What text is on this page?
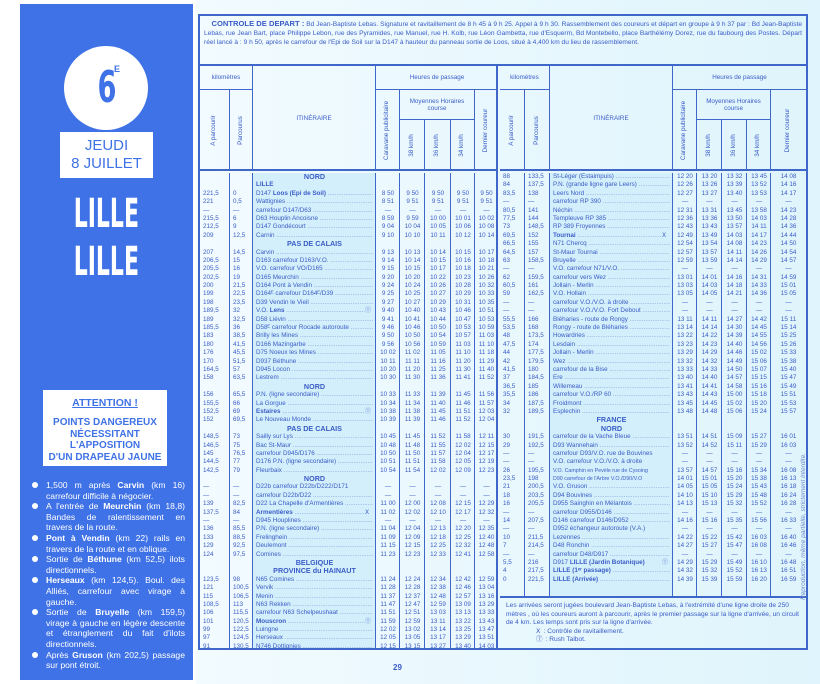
6 E
JEUDI
8 JUILLET
LILLE
LILLE
ATTENTION !
POINTS DANGEREUX
NÉCESSITANT
L'APPOSITION
D'UN DRAPEAU JAUNE
1,500 m après Carvin (km 16) carrefour difficile à négocier.
A l'entrée de Meurchin (km 18,8) Bandes de ralentissement en travers de la route.
Pont à Vendin (km 22) rails en travers de la route et en oblique.
Sortie de Béthune (km 52,5) ilots directionnels.
Herseaux (km 124,5). Boul. des Alliés, carrefour avec virage à gauche.
Sortie de Bruyelle (km 159,5) virage à gauche en légère descente et étranglement du fait d'ilots directionnels.
Après Gruson (km 202,5) passage sur pont étroit.
CONTROLE DE DEPART : Bd Jean-Baptiste Lebas. Signature et ravitaillement de 8 h 45 à 9 h 25. Appel à 9 h 30. Rassemblement des coureurs et départ en groupe à 9 h 37 par : Bd Jean-Baptiste Lebas, rue Jean Bart, place Philippe Lebon, rue des Pyramides, rue Manuel, rue H. Kolb, rue Léon Gambetta, rue d'Esquerm, Bd Montebello, place Barthélémy Dorez, rue du faubourg des Postes. Départ réel lancé à : 9 h 50, après le carrefour de l'Epi de Soil sur la D147 à hauteur du panneau sortie de Loos, situé à 4,400 km du lieu de rassemblement.
kilomètres
A parcourir	Parcourus	ITINÉRAIRE
Heures de passage
Caravane publicitaire	Moyennes Horaires course
38 km/h	36 km/h	34 km/h	Dernier coureur
NORD
LILLE
221,5 0	D147 Loos (Epi de Soil) .....	8 50	9 50	9 50	9 50	9 50
221	0,5 Wattignies .....	8 51	9 51	9 51	9 51	9 51
—	—	carrefour D147/D63 .....	—	—	—	—	—
215,5 6	D63 Houplin Ancoisne .....	8 59	9 59	10 00	10 01	10 02
212,5 9	D147 Gondécourt .....	9 04	10 04	10 05	10 06	10 08
209	12,5 Carnin .....	9 10	10 10	10 11	10 12	10 14
PAS DE CALAIS
207	14,5 Carvin .....	9 13	10 13	10 14	10 15	10 17
206,5 15	D163 carrefour D163/V.O. .....	9 14	10 14	10 15	10 16	10 18
205,5 16	V.O. carrefour VO/D165 .....	9 15	10 15	10 17	10 18	10 21
202,5 19	D165 Meurchin .....	9 20	10 20	10 22	10 23	10 26
200	21,5 D164 Pont à Vendin .....	9 24	10 24	10 26	10 28	10 32
199	22,5 D164ᴱ carrefour D164ᴱ/D39 .....	9 25	10 25	10 27	10 29	10 33
198	23,5 D39 Vendin le Vieil .....	9 27	10 27	10 29	10 31	10 35
189,5 32	V.O. Lens .....	Ⓣ	9 40	10 40	10 43	10 46	10 51
189	32,5 D58 Liévin .....	9 41	10 41	10 44	10 47	10 53
185,5 36	D58ᴱ carrefour Rocade autoroute .....	9 46	10 46	10 50	10 53	10 59
183	38,5 Brilly les Mines .....	9 50	10 50	10 54	10 57	11 03
180	41,5 D166 Mazingarbe .....	9 56	10 56	10 59	11 03	11 10
176	45,5 D75 Noeux les Mines .....	10 02	11 02	11 05	11 10	11 18
170	51,5 D937 Béthune .....	10 11	11 11	11 16	11 20	11 29
164,5 57	D945 Locon .....	10 20	11 20	11 25	11 30	11 40
158	63,5 Lestrem .....	10 30	11 30	11 36	11 41	11 52
NORD
156	65,5 P.N. (ligne secondaire) .....	10 33	11 33	11 39	11 45	11 56
155,5 66	La Gorgue .....	10 34	11 34	11 40	11 46	11 57
152,5 69	Estaires .....	Ⓣ	10 38	11 38	11 45	11 51	12 03
152	69,5 Le Nouveau Monde .....	10 39	11 39	11 46	11 52	12 04
PAS DE CALAIS
148,5 73	Sailly sur Lys .....	10 45	11 45	11 52	11 58	12 11
146,5 75	Bac St-Maur .....	10 48	11 48	11 55	12 02	12 15
145	76,5 carrefour D945/D176 .....	10 50	11 50	11 57	12 04	12 17
144,5 77	D176 P.N. (ligne secondaire) .....	10 51	11 51	11 58	12 05	12 19
142,5 79	Fleurbaix .....	10 54	11 54	12 02	12 09	12 23
NORD
—	—	D22b carrefour D22b/D222/D171	—	—	—	—	—
—	—	carrefour D22b/D22 .....	—	—	—	—	—
139	82,5 D22 La Chapelle d'Armentières .....	11 00	12 00	12 08	12 15	12 29
137,5 84	Armentières .....	Ⅹ	11 02	12 02	12 10	12 17	12 32
—	—	D945 Houplines .....	—	—	—	—	—
136	85,5 P.N. (ligne secondaire) .....	11 04	12 04	12 13	12 20	12 35
133	88,5 Frelinghein .....	11 09	12 09	12 18	12 25	12 40
129	92,5 Deulemont .....	11 15	12 15	12 25	12 32	12 48
124	97,5 Comines .....	11 23	12 23	12 33	12 41	12 58
BELGIQUE
PROVINCE du HAINAUT
123,5 98	N65 Comines .....	11 24	12 24	12 34	12 42	12 59
121	100,5 Vervik .....	11 28	12 28	12 38	12 46	13 04
115	106,5 Menin .....	11 37	12 37	12 48	12 57	13 16
108,5 113 N63 Rekken .....	11 47	12 47	12 59	13 09	13 29
106	115,5 carrefour N63 Schelpeushaat .....	11 51	12 51	13 03	13 13	13 33
101	120,5 Mouscron .....	Ⓣ	11 59	12 59	13 11	13 22	13 43
99	122,5 Luingne .....	12 02	13 02	13 14	13 25	13 47
97	124,5 Herseaux .....	12 05	13 05	13 17	13 29	13 51
91	130,5 N746 Dottignies .....	12 15	13 15	13 27	13 40	14 03
kilomètres
A parcourir	Parcourus	ITINÉRAIRE
Heures de passage
Caravane publicitaire	Moyennes Horaires course
38 km/h	36 km/h	34 km/h	Dernier coureur
88	133,5 St-Léger (Estaimpuis) .....	12 20	13 20	13 32	13 45	14 08
84	137,5 P.N. (grande ligne gare Leers) .....	12 26	13 26	13 39	13 52	14 16
83,5 138 Leers Nord .....	12 27	13 27	13 40	13 53	14 17
—	—	carrefour RP 390 .....	—	—	—	—	—
80,5 141 Néchin .....	12 31	13 31	13 45	13 58	14 23
77,5 144 Templeuve RP 385 .....	12 36	13 36	13 50	14 03	14 28
73	148,5 RP 389 Froyennes .....	12 43	13 43	13 57	14 11	14 36
69,5 152 Tournai .....	Ⅹ	12 49	13 49	14 03	14 17	14 44
66,5 155 N71 Chercq .....	12 54	13 54	14 08	14 23	14 50
64,5 157 St-Maur Tournai .....	12 57	13 57	14 11	14 26	14 54
63	158,5 Bruyelle .....	12 59	13 59	14 14	14 29	14 57
—	—	V.O. carrefour N71/V.O. .....	—	—	—	—	—
62	159,5 carrefour vers Wez .....	13 01	14 01	14 16	14 31	14 59
60,5 161 Jollain - Merlin .....	13 03	14 03	14 18	14 33	15 01
59	162,5 V.O. Hollain .....	13 05	14 05	14 21	14 36	15 05
—	—	carrefour V.O./V.O. à droite .....	—	—	—	—	—
—	—	carrefour V.O./V.O. Fort Debout .....	—	—	—	—	—
55,5 166 Bléharies - route de Rongy .....	13 11	14 11	14 27	14 42	15 11
53,5 168 Rongy - route de Bléharies .....	13 14	14 14	14 30	14 45	15 14
48	173,5 Howardries .....	13 22	14 22	14 39	14 55	15 25
47,5 174 Lesdain .....	13 23	14 23	14 40	14 56	15 26
44	177,5 Jollain - Merlin .....	13 29	14 29	14 46	15 02	15 33
42	179,5 Wez .....	13 32	14 32	14 49	15 06	15 38
41,5 180 carrefour de la Bise .....	13 33	14 33	14 50	15 07	15 40
37	184,5 Ere .....	13 40	14 40	14 57	15 15	15 47
36,5 185 Willemeau .....	13 41	14 41	14 58	15 16	15 49
35,5 186 carrefour V.O./RP 60 .....	13 43	14 43	15 00	15 18	15 51
34	187,5 Froidmont .....	13 45	14 45	15 02	15 20	15 53
32	189,5 Esplechin .....	13 48	14 48	15 06	15 24	15 57
FRANCE
NORD
30	191,5 carrefour de la Vache Bleue .....	13 51	14 51	15 09	15 27	16 01
29	192,5 D93 Wannehain .....	13 52	14 52	15 11	15 29	16 03
—	—	carrefour D93/V.O. rue de Bouvines	—	—	—	—	—
—	—	V.O. carrefour V.O./V.O. à droite	—	—	—	—	—
26	195,5 V.O. Camphin en Pevèle rue de Cysoing	13 57	14 57	15 16	15 34	16 08
23,5 198	D90 carrefour de l'Arbre V.O./D90/V.O	14 01	15 01	15 20	15 38	16 13
21	200,5 V.O. Gruson .....	14 05	15 05	15 24	15 43	16 18
18	203,5 D94 Bouvines .....	14 10	15 10	15 29	15 48	16 24
16	205,5 D955 Sainghin en Mélantois .....	14 13	15 13	15 32	15 52	16 28
—	—	carrefour D955/D146 .....	—	—	—	—	—
14	207,5 D146 carrefour D146/D952 .....	14 16	15 16	15 35	15 56	16 33
—	—	D952 échangeur autoroute (V.A.)	—	—	—	—	—
10	211,5 Lezennes .....	14 22	15 22	15 42	16 03	16 40
7	214,5 D48 Ronchin .....	14 27	15 27	15 47	16 08	16 46
—	—	carrefour D48/D917 .....	—	—	—	—	—
5,5	216 D917 LILLE (Jardin Botanique)	Ⓣ	14 29	15 29	15 49	16 10	16 48
4	217,5 LILLE (1ᵉʳ passage) .....	14 32	15 32	15 52	16 13	16 51
0	221,5 LILLE (Arrivée) .....	14 39	15 39	15 59	16 20	16 59
Les arrivées seront jugées boulevard Jean-Baptiste Lebas, à l'extrémité d'une ligne droite de 250 mètres , où les coureurs auront à parcourir, après le premier passage sur la ligne d'arrivée, un circuit de 4 km. Les temps sont pris sur la ligne d'arrivée.
Ⅹ : Contrôle de ravitaillement.
Ⓣ : Rush Talbot.
29
Reproduction, même partielle, strictement interdite.
